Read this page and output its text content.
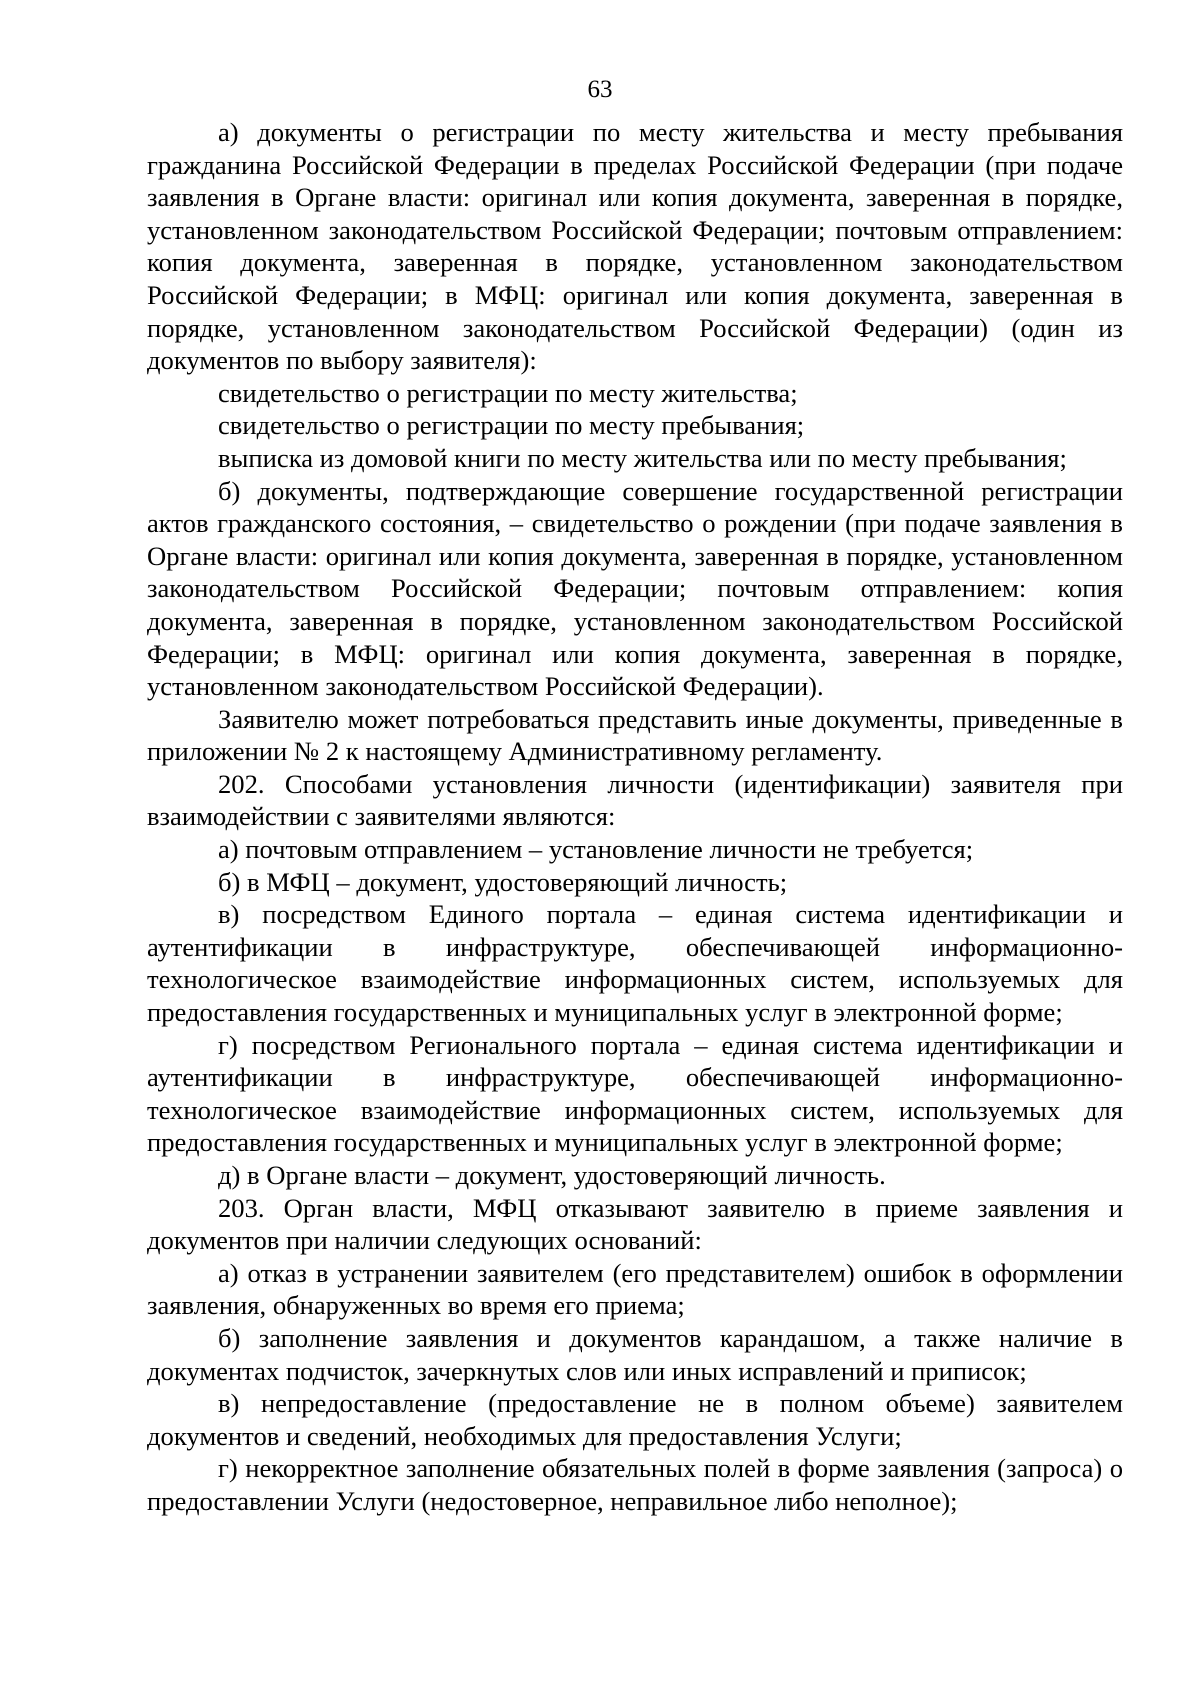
63

а) документы о регистрации по месту жительства и месту пребывания гражданина Российской Федерации в пределах Российской Федерации (при подаче заявления в Органе власти: оригинал или копия документа, заверенная в порядке, установленном законодательством Российской Федерации; почтовым отправлением: копия документа, заверенная в порядке, установленном законодательством Российской Федерации; в МФЦ: оригинал или копия документа, заверенная в порядке, установленном законодательством Российской Федерации) (один из документов по выбору заявителя):

свидетельство о регистрации по месту жительства;

свидетельство о регистрации по месту пребывания;

выписка из домовой книги по месту жительства или по месту пребывания;

б) документы, подтверждающие совершение государственной регистрации актов гражданского состояния, – свидетельство о рождении (при подаче заявления в Органе власти: оригинал или копия документа, заверенная в порядке, установленном законодательством Российской Федерации; почтовым отправлением: копия документа, заверенная в порядке, установленном законодательством Российской Федерации; в МФЦ: оригинал или копия документа, заверенная в порядке, установленном законодательством Российской Федерации).

Заявителю может потребоваться представить иные документы, приведенные в приложении № 2 к настоящему Административному регламенту.

202. Способами установления личности (идентификации) заявителя при взаимодействии с заявителями являются:

а) почтовым отправлением – установление личности не требуется;

б) в МФЦ – документ, удостоверяющий личность;

в) посредством Единого портала – единая система идентификации и аутентификации в инфраструктуре, обеспечивающей информационно-технологическое взаимодействие информационных систем, используемых для предоставления государственных и муниципальных услуг в электронной форме;

г) посредством Регионального портала – единая система идентификации и аутентификации в инфраструктуре, обеспечивающей информационно-технологическое взаимодействие информационных систем, используемых для предоставления государственных и муниципальных услуг в электронной форме;

д) в Органе власти – документ, удостоверяющий личность.

203. Орган власти, МФЦ отказывают заявителю в приеме заявления и документов при наличии следующих оснований:

а) отказ в устранении заявителем (его представителем) ошибок в оформлении заявления, обнаруженных во время его приема;

б) заполнение заявления и документов карандашом, а также наличие в документах подчисток, зачеркнутых слов или иных исправлений и приписок;

в) непредоставление (предоставление не в полном объеме) заявителем документов и сведений, необходимых для предоставления Услуги;

г) некорректное заполнение обязательных полей в форме заявления (запроса) о предоставлении Услуги (недостоверное, неправильное либо неполное);
